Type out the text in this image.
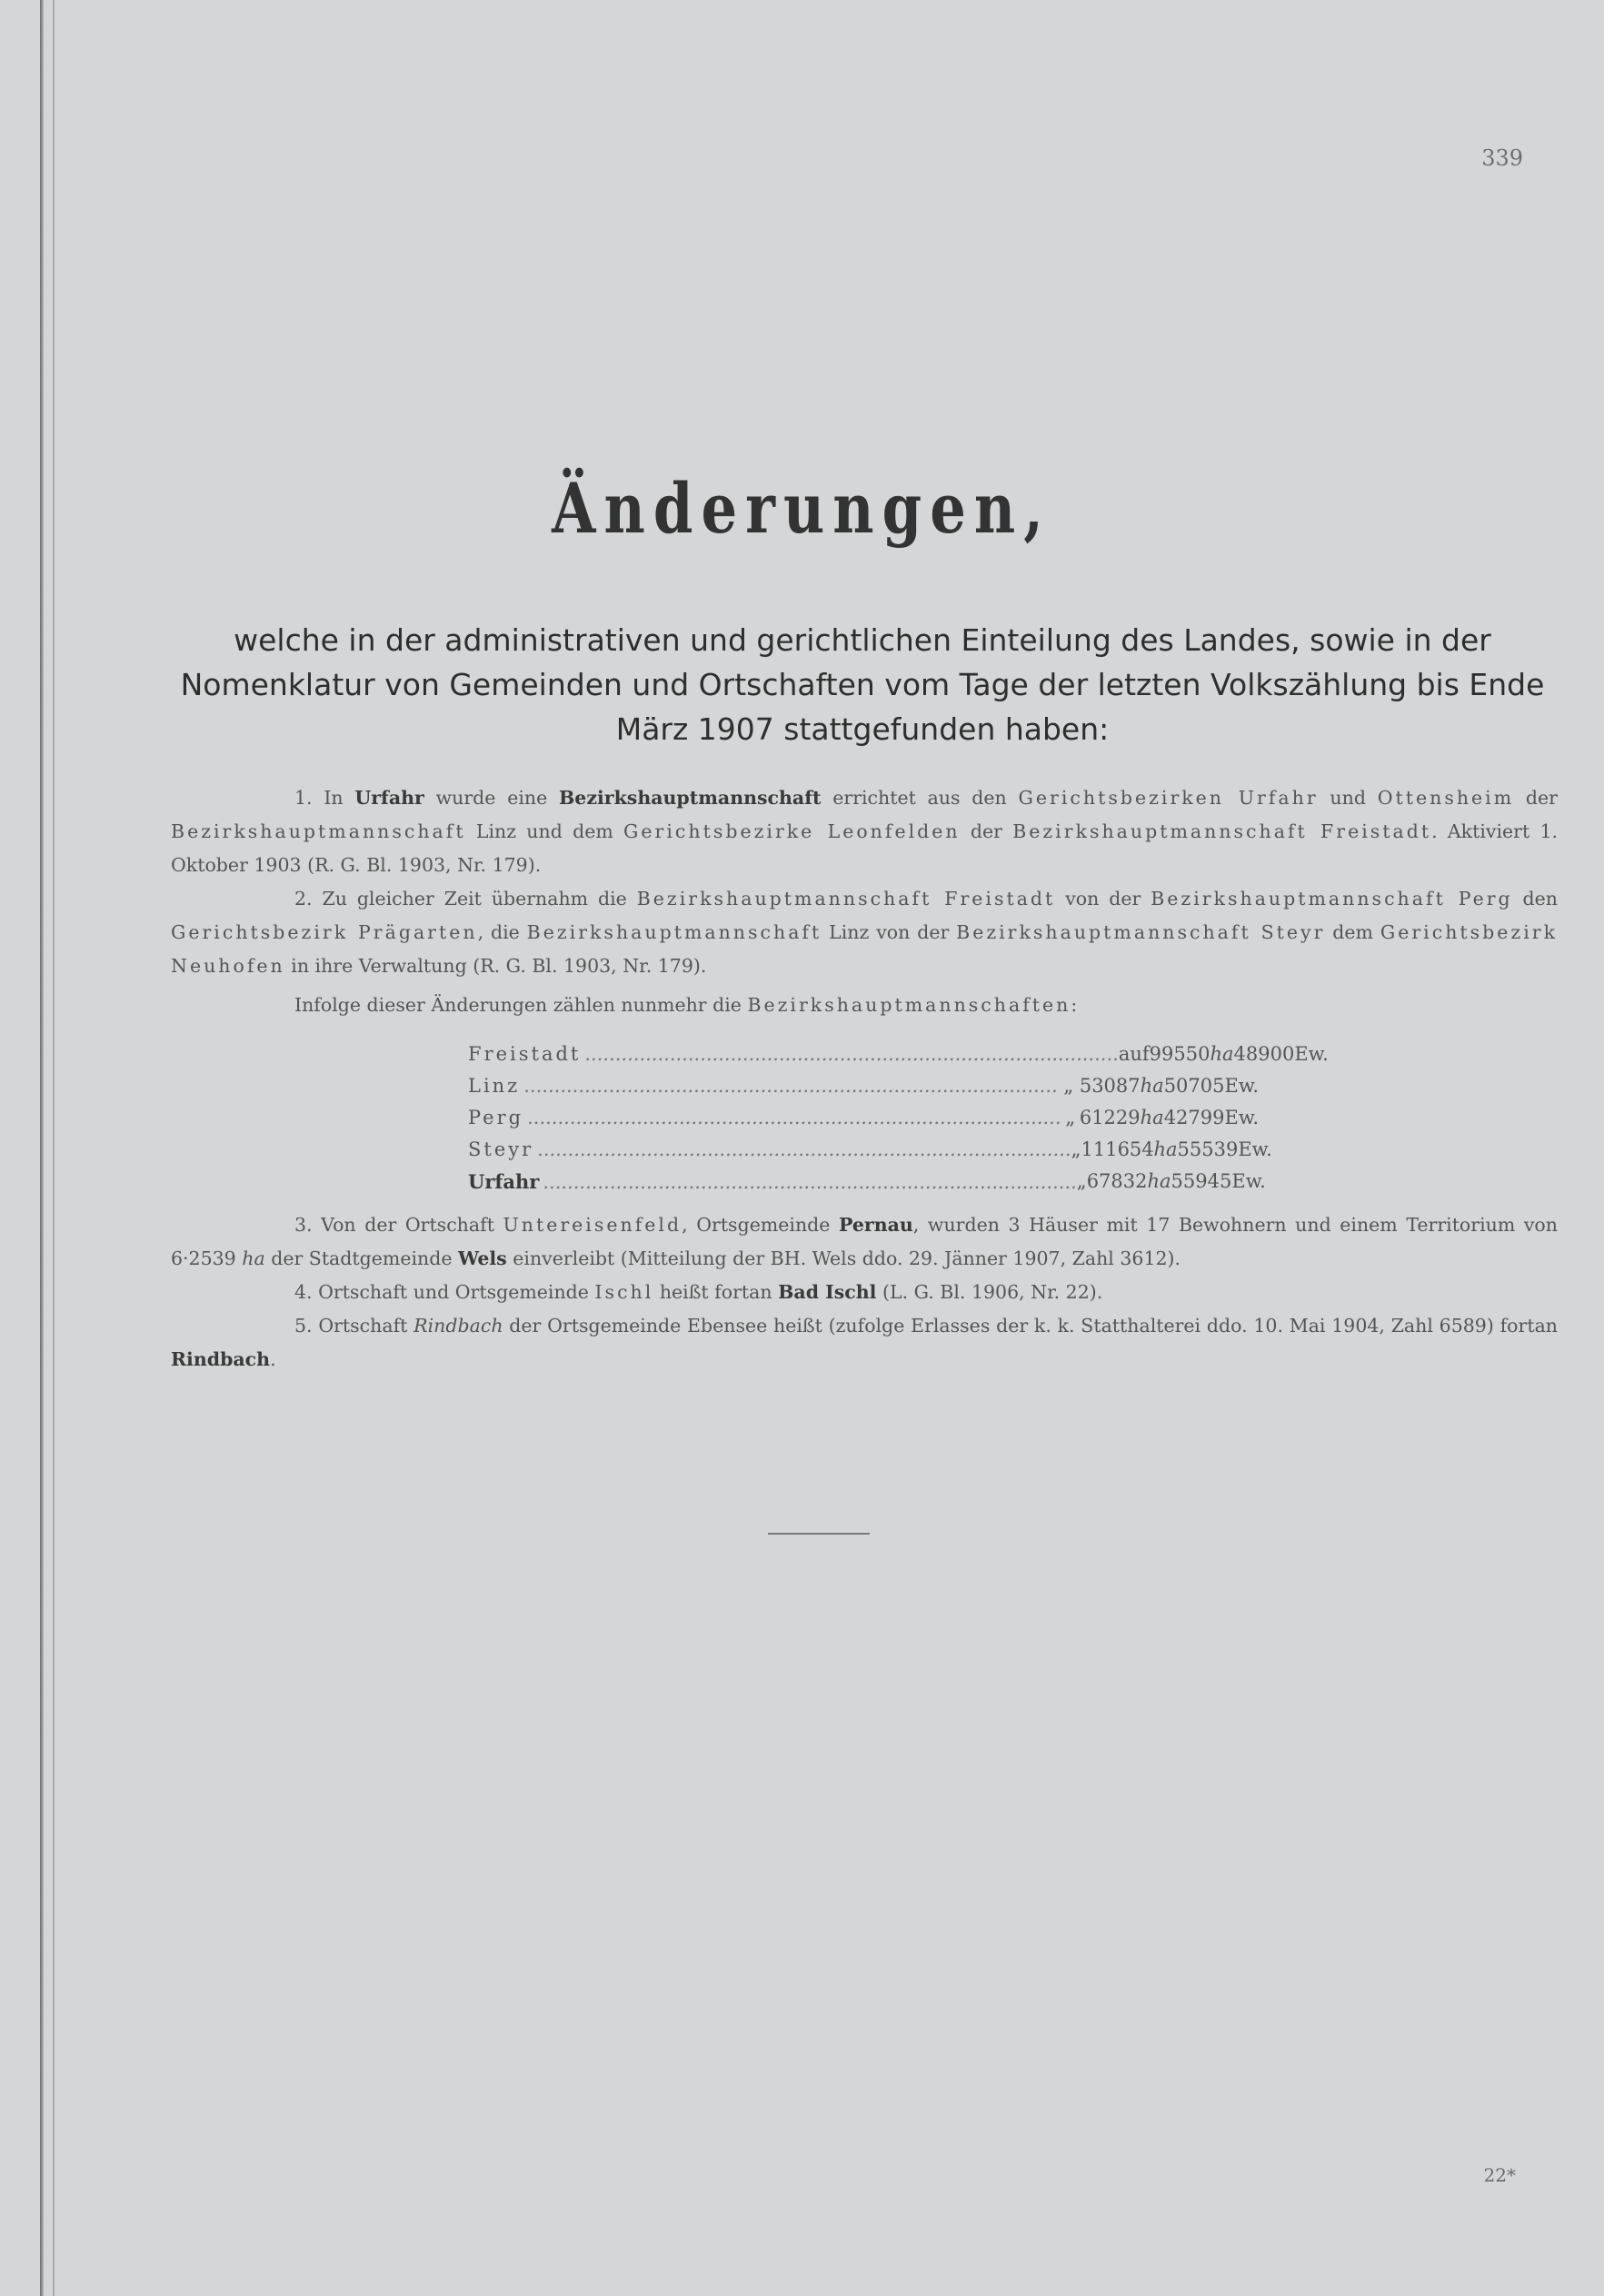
339
Änderungen,
welche in der administrativen und gerichtlichen Einteilung des Landes, sowie in der Nomenklatur von Gemeinden und Ortschaften vom Tage der letzten Volkszählung bis Ende März 1907 stattgefunden haben:

1. In Urfahr wurde eine Bezirkshauptmannschaft errichtet aus den Gerichtsbezirken Urfahr und Ottensheim der Bezirkshauptmannschaft Linz und dem Gerichtsbezirke Leonfelden der Bezirkshauptmannschaft Freistadt. Aktiviert 1. Oktober 1903 (R. G. Bl. 1903, Nr. 179).

2. Zu gleicher Zeit übernahm die Bezirkshauptmannschaft Freistadt von der Bezirkshauptmannschaft Perg den Gerichtsbezirk Prägarten, die Bezirkshauptmannschaft Linz von der Bezirkshauptmannschaft Steyr dem Gerichtsbezirk Neuhofen in ihre Verwaltung (R. G. Bl. 1903, Nr. 179).

Infolge dieser Änderungen zählen nunmehr die Bezirkshauptmannschaften:

Freistadt ........................................................................................ auf 99550 ha 48900 Ew.
Linz ........................................................................................ „ 53087 ha 50705 Ew.
Perg ........................................................................................ „ 61229 ha 42799 Ew.
Steyr ........................................................................................ „ 111654 ha 55539 Ew.
Urfahr ........................................................................................ „ 67832 ha 55945 Ew.

3. Von der Ortschaft Untereisenfeld, Ortsgemeinde Pernau, wurden 3 Häuser mit 17 Bewohnern und einem Territorium von 6·2539 ha der Stadtgemeinde Wels einverleibt (Mitteilung der BH. Wels ddo. 29. Jänner 1907, Zahl 3612).

4. Ortschaft und Ortsgemeinde Ischl heißt fortan Bad Ischl (L. G. Bl. 1906, Nr. 22).

5. Ortschaft Rindbach der Ortsgemeinde Ebensee heißt (zufolge Erlasses der k. k. Statthalterei ddo. 10. Mai 1904, Zahl 6589) fortan Rindbach.

22*
